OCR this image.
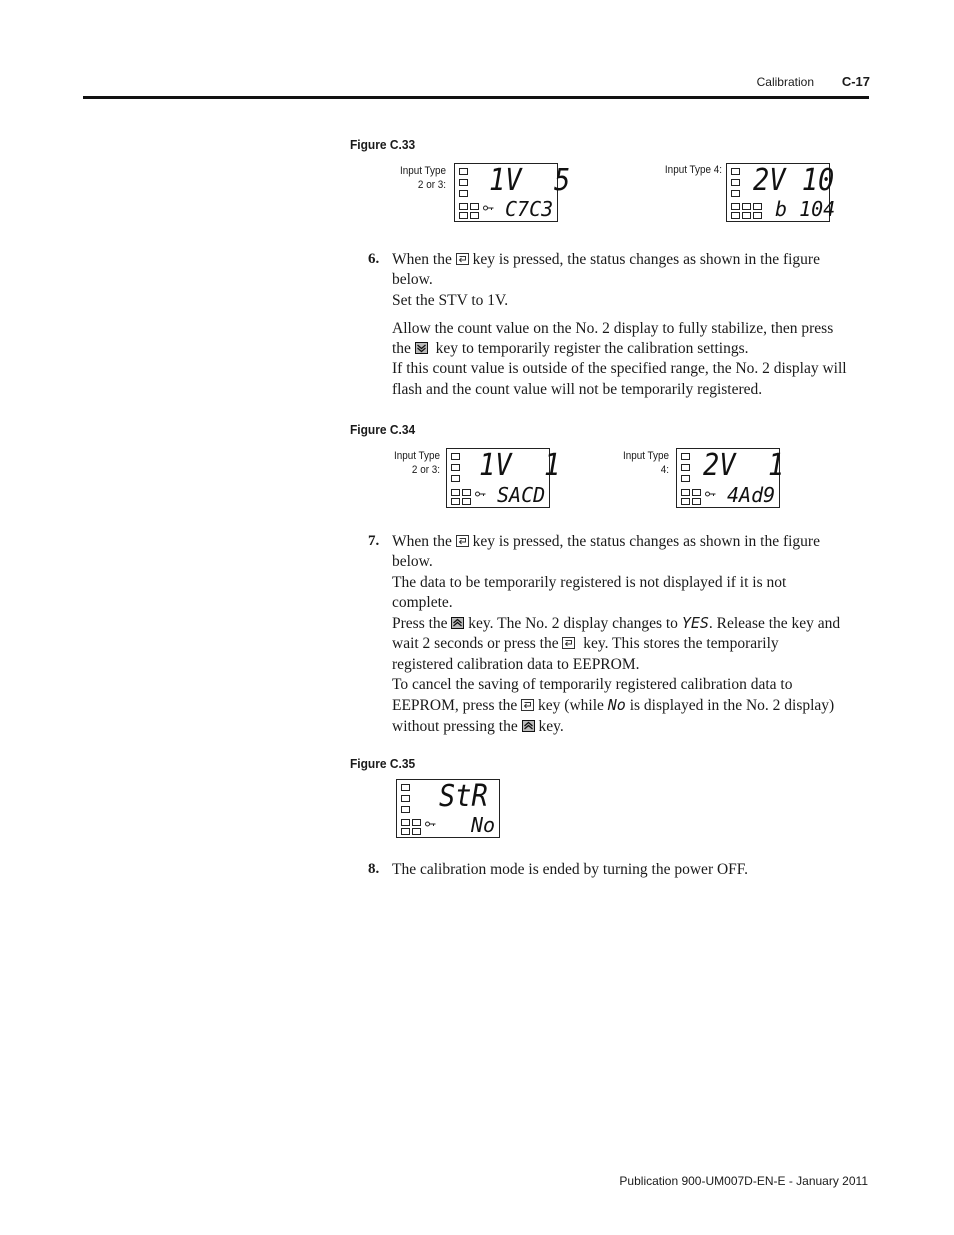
Calibration	C-17
Figure C.33
Input Type
2 or 3: 1V  5
C7C3
Input Type 4: 2V 10
b 104
6. When the key is pressed, the status changes as shown in the figure

below.

Set the STV to 1V.

Allow the count value on the No. 2 display to fully stabilize, then press

the key to temporarily register the calibration settings.

If this count value is outside of the specified range, the No. 2 display will

flash and the count value will not be temporarily registered.

Figure C.34
Input Type
2 or 3: 1V  1
SACD
Input Type
4: 2V  1
4Ad9
7. When the key is pressed, the status changes as shown in the figure

below.

The data to be temporarily registered is not displayed if it is not

complete.

Press the key. The No. 2 display changes to YES. Release the key and

wait 2 seconds or press the key. This stores the temporarily

registered calibration data to EEPROM.

To cancel the saving of temporarily registered calibration data to

EEPROM, press the key (while No is displayed in the No. 2 display)

without pressing the key.

Figure C.35
StR
No
8. The calibration mode is ended by turning the power OFF.
Publication 900-UM007D-EN-E - January 2011
